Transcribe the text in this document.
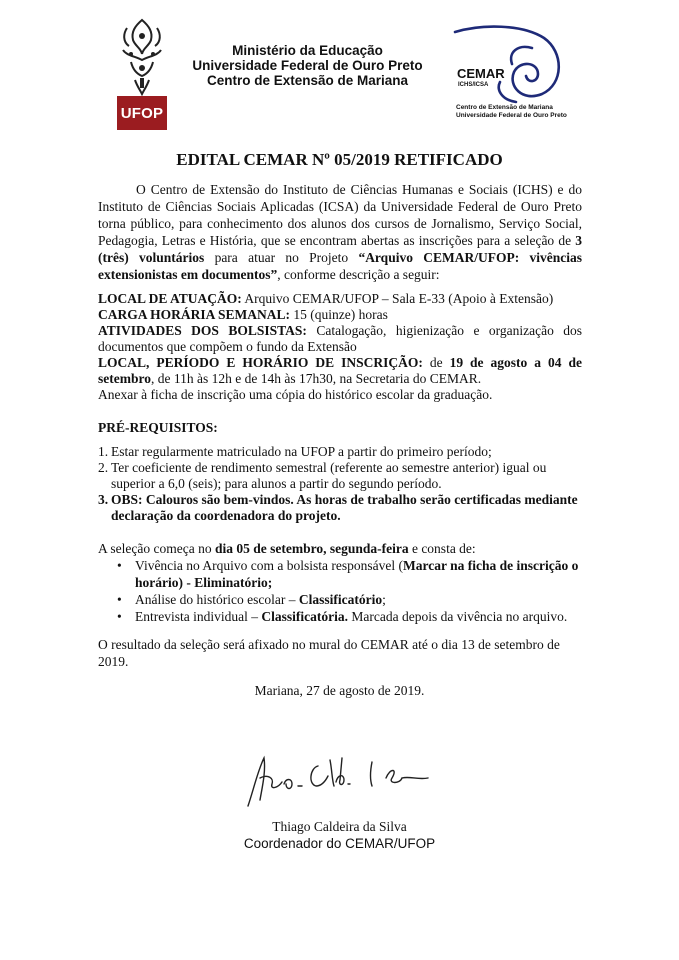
UFOP
Ministério da Educação
Universidade Federal de Ouro Preto
Centro de Extensão de Mariana	CEMAR
ICHS/ICSA
Centro de Extensão de Mariana
Universidade Federal de Ouro Preto
EDITAL CEMAR Nº 05/2019 RETIFICADO

O Centro de Extensão do Instituto de Ciências Humanas e Sociais (ICHS) e do Instituto de Ciências Sociais Aplicadas (ICSA) da Universidade Federal de Ouro Preto torna público, para conhecimento dos alunos dos cursos de Jornalismo, Serviço Social, Pedagogia, Letras e História, que se encontram abertas as inscrições para a seleção de 3 (três) voluntários para atuar no Projeto “Arquivo CEMAR/UFOP: vivências extensionistas em documentos”, conforme descrição a seguir:

LOCAL DE ATUAÇÃO: Arquivo CEMAR/UFOP – Sala E-33 (Apoio à Extensão)

CARGA HORÁRIA SEMANAL: 15 (quinze) horas

ATIVIDADES DOS BOLSISTAS: Catalogação, higienização e organização dos documentos que compõem o fundo da Extensão

LOCAL, PERÍODO E HORÁRIO DE INSCRIÇÃO: de 19 de agosto a 04 de setembro, de 11h às 12h e de 14h às 17h30, na Secretaria do CEMAR.

Anexar à ficha de inscrição uma cópia do histórico escolar da graduação.

PRÉ-REQUISITOS:
1. Estar regularmente matriculado na UFOP a partir do primeiro período;
2. Ter coeficiente de rendimento semestral (referente ao semestre anterior) igual ou superior a 6,0 (seis); para alunos a partir do segundo período.
3. OBS: Calouros são bem-vindos. As horas de trabalho serão certificadas mediante declaração da coordenadora do projeto.

A seleção começa no dia 05 de setembro, segunda-feira e consta de:

• Vivência no Arquivo com a bolsista responsável (Marcar na ficha de inscrição o horário) - Eliminatório;
• Análise do histórico escolar – Classificatório;
• Entrevista individual – Classificatória. Marcada depois da vivência no arquivo.
O resultado da seleção será afixado no mural do CEMAR até o dia 13 de setembro de 2019.
Mariana, 27 de agosto de 2019.
Thiago Caldeira da Silva
Coordenador do CEMAR/UFOP
